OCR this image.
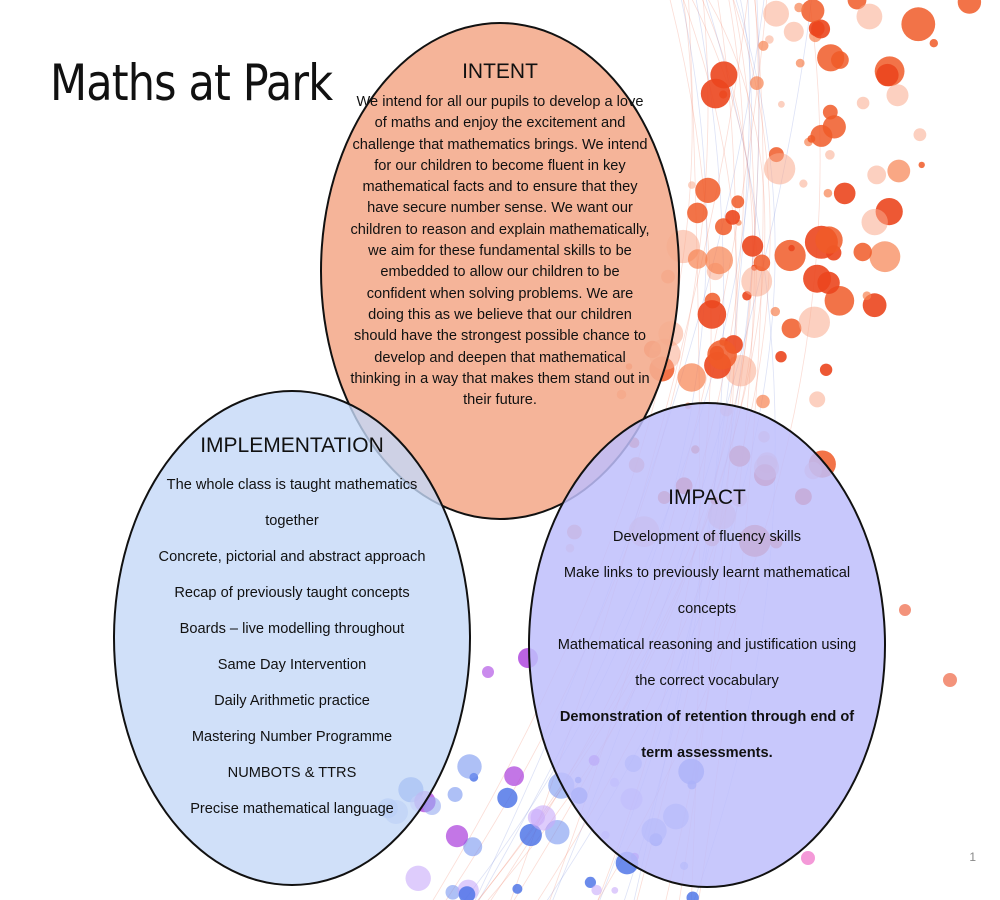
Maths at Park	INTENT
We intend for all our pupils to develop a love
of maths and enjoy the excitement and
challenge that mathematics brings. We intend
for our children to become fluent in key
mathematical facts and to ensure that they
have secure number sense. We want our
children to reason and explain mathematically,
we aim for these fundamental skills to be
embedded to allow our children to be
confident when solving problems. We are
doing this as we believe that our children
should have the strongest possible chance to
develop and deepen that mathematical
thinking in a way that makes them stand out in
their future.
IMPLEMENTATION
The whole class is taught mathematics
together
Concrete, pictorial and abstract approach
Recap of previously taught concepts
Boards – live modelling throughout
Same Day Intervention
Daily Arithmetic practice
Mastering Number Programme
NUMBOTS & TTRS
Precise mathematical language
IMPACT
Development of fluency skills
Make links to previously learnt mathematical
concepts
Mathematical reasoning and justification using
the correct vocabulary
Demonstration of retention through end of
term assessments.
1
